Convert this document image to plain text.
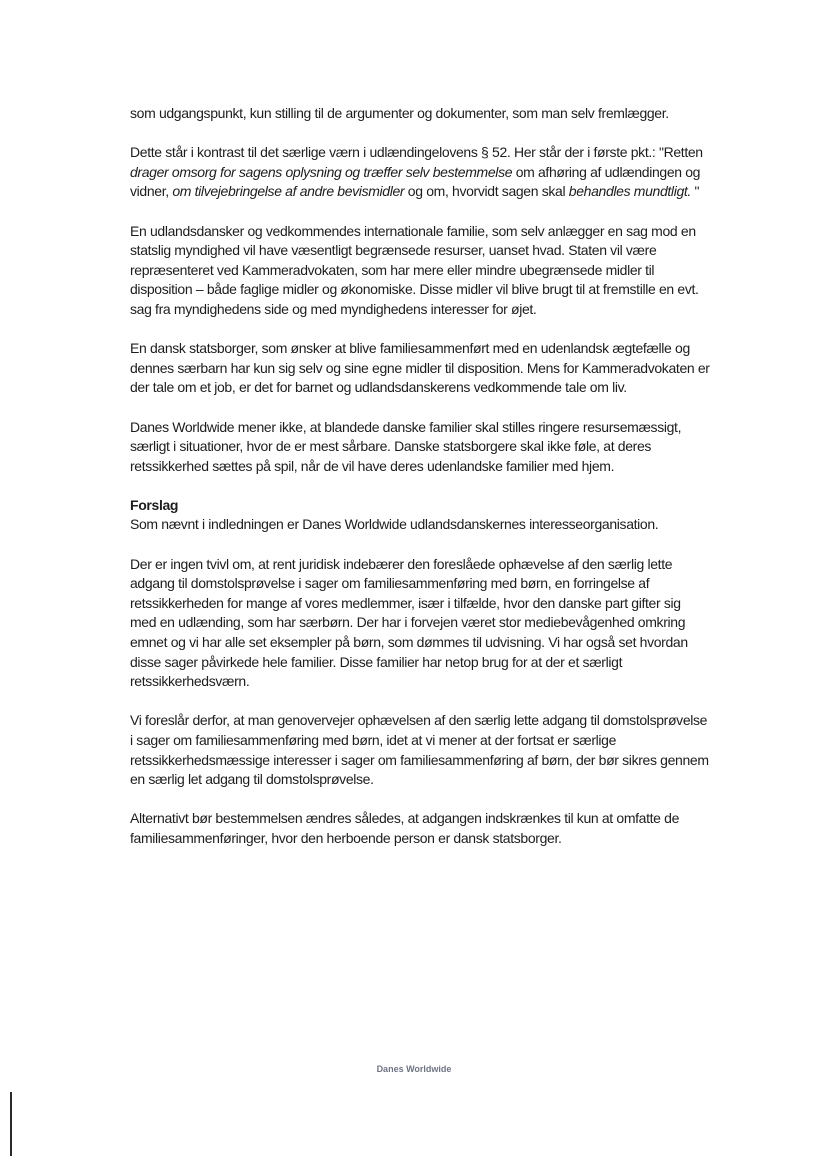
som udgangspunkt, kun stilling til de argumenter og dokumenter, som man selv fremlægger.

Dette står i kontrast til det særlige værn i udlændingelovens § 52. Her står der i første pkt.: "Retten drager omsorg for sagens oplysning og træffer selv bestemmelse om afhøring af udlændingen og vidner, om tilvejebringelse af andre bevismidler og om, hvorvidt sagen skal behandles mundtligt. "

En udlandsdansker og vedkommendes internationale familie, som selv anlægger en sag mod en statslig myndighed vil have væsentligt begrænsede resurser, uanset hvad. Staten vil være repræsenteret ved Kammeradvokaten, som har mere eller mindre ubegrænsede midler til disposition – både faglige midler og økonomiske. Disse midler vil blive brugt til at fremstille en evt. sag fra myndighedens side og med myndighedens interesser for øjet.

En dansk statsborger, som ønsker at blive familiesammenført med en udenlandsk ægtefælle og dennes særbarn har kun sig selv og sine egne midler til disposition. Mens for Kammeradvokaten er der tale om et job, er det for barnet og udlandsdanskerens vedkommende tale om liv.

Danes Worldwide mener ikke, at blandede danske familier skal stilles ringere resursemæssigt, særligt i situationer, hvor de er mest sårbare. Danske statsborgere skal ikke føle, at deres retssikkerhed sættes på spil, når de vil have deres udenlandske familier med hjem.

Forslag

Som nævnt i indledningen er Danes Worldwide udlandsdanskernes interesseorganisation.

Der er ingen tvivl om, at rent juridisk indebærer den foreslåede ophævelse af den særlig lette adgang til domstolsprøvelse i sager om familiesammenføring med børn, en forringelse af retssikkerheden for mange af vores medlemmer, især i tilfælde, hvor den danske part gifter sig med en udlænding, som har særbørn. Der har i forvejen været stor mediebevågenhed omkring emnet og vi har alle set eksempler på børn, som dømmes til udvisning. Vi har også set hvordan disse sager påvirkede hele familier. Disse familier har netop brug for at der et særligt retssikkerhedsværn.

Vi foreslår derfor, at man genovervejer ophævelsen af den særlig lette adgang til domstolsprøvelse i sager om familiesammenføring med børn, idet at vi mener at der fortsat er særlige retssikkerhedsmæssige interesser i sager om familiesammenføring af børn, der bør sikres gennem en særlig let adgang til domstolsprøvelse.

Alternativt bør bestemmelsen ændres således, at adgangen indskrænkes til kun at omfatte de familiesammenføringer, hvor den herboende person er dansk statsborger.

Danes Worldwide
